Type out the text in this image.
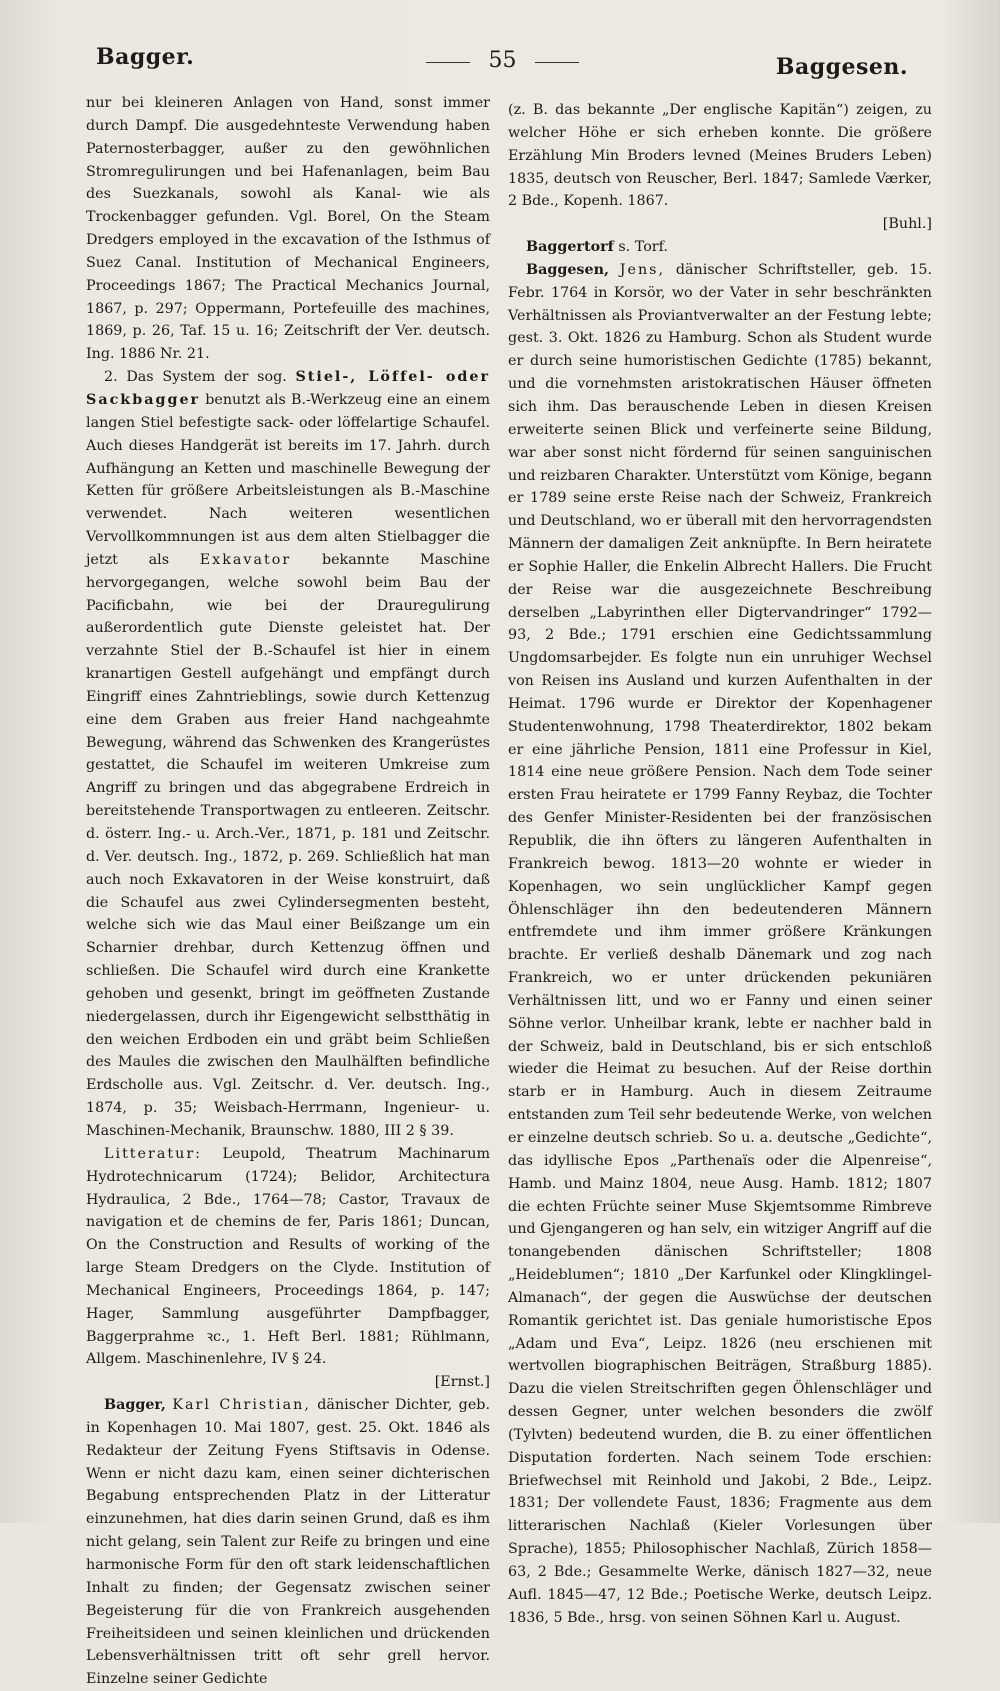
Bagger.	55	Baggesen.

nur bei kleineren Anlagen von Hand, sonst immer durch Dampf. Die ausgedehnteste Verwendung haben Paternosterbagger, außer zu den gewöhnlichen Stromregulirungen und bei Hafenanlagen, beim Bau des Suezkanals, sowohl als Kanal- wie als Trockenbagger gefunden. Vgl. Borel, On the Steam Dredgers employed in the excavation of the Isthmus of Suez Canal. Institution of Mechanical Engineers, Proceedings 1867; The Practical Mechanics Journal, 1867, p. 297; Oppermann, Portefeuille des machines, 1869, p. 26, Taf. 15 u. 16; Zeitschrift der Ver. deutsch. Ing. 1886 Nr. 21.

2. Das System der sog. Stiel-, Löffel- oder Sackbagger benutzt als B.-Werkzeug eine an einem langen Stiel befestigte sack- oder löffelartige Schaufel. Auch dieses Handgerät ist bereits im 17. Jahrh. durch Aufhängung an Ketten und maschinelle Bewegung der Ketten für größere Arbeitsleistungen als B.-Maschine verwendet. Nach weiteren wesentlichen Vervollkommnungen ist aus dem alten Stielbagger die jetzt als Exkavator bekannte Maschine hervorgegangen, welche sowohl beim Bau der Pacificbahn, wie bei der Drauregulirung außerordentlich gute Dienste geleistet hat. Der verzahnte Stiel der B.-Schaufel ist hier in einem kranartigen Gestell aufgehängt und empfängt durch Eingriff eines Zahntrieblings, sowie durch Kettenzug eine dem Graben aus freier Hand nachgeahmte Bewegung, während das Schwenken des Krangerüstes gestattet, die Schaufel im weiteren Umkreise zum Angriff zu bringen und das abgegrabene Erdreich in bereitstehende Transportwagen zu entleeren. Zeitschr. d. österr. Ing.- u. Arch.-Ver., 1871, p. 181 und Zeitschr. d. Ver. deutsch. Ing., 1872, p. 269. Schließlich hat man auch noch Exkavatoren in der Weise konstruirt, daß die Schaufel aus zwei Cylindersegmenten besteht, welche sich wie das Maul einer Beißzange um ein Scharnier drehbar, durch Kettenzug öffnen und schließen. Die Schaufel wird durch eine Krankette gehoben und gesenkt, bringt im geöffneten Zustande niedergelassen, durch ihr Eigengewicht selbstthätig in den weichen Erdboden ein und gräbt beim Schließen des Maules die zwischen den Maulhälften befindliche Erdscholle aus. Vgl. Zeitschr. d. Ver. deutsch. Ing., 1874, p. 35; Weisbach-Herrmann, Ingenieur- u. Maschinen-Mechanik, Braunschw. 1880, III 2 § 39.

Litteratur: Leupold, Theatrum Machinarum Hydrotechnicarum (1724); Belidor, Architectura Hydraulica, 2 Bde., 1764—78; Castor, Travaux de navigation et de chemins de fer, Paris 1861; Duncan, On the Construction and Results of working of the large Steam Dredgers on the Clyde. Institution of Mechanical Engineers, Proceedings 1864, p. 147; Hager, Sammlung ausgeführter Dampfbagger, Baggerprahme ꝛc., 1. Heft Berl. 1881; Rühlmann, Allgem. Maschinenlehre, IV § 24.
[Ernst.]

Bagger, Karl Christian, dänischer Dichter, geb. in Kopenhagen 10. Mai 1807, gest. 25. Okt. 1846 als Redakteur der Zeitung Fyens Stiftsavis in Odense. Wenn er nicht dazu kam, einen seiner dichterischen Begabung entsprechenden Platz in der Litteratur einzunehmen, hat dies darin seinen Grund, daß es ihm nicht gelang, sein Talent zur Reife zu bringen und eine harmonische Form für den oft stark leidenschaftlichen Inhalt zu finden; der Gegensatz zwischen seiner Begeisterung für die von Frankreich ausgehenden Freiheitsideen und seinen kleinlichen und drückenden Lebensverhältnissen tritt oft sehr grell hervor. Einzelne seiner Gedichte

(z. B. das bekannte „Der englische Kapitän“) zeigen, zu welcher Höhe er sich erheben konnte. Die größere Erzählung Min Broders levned (Meines Bruders Leben) 1835, deutsch von Reuscher, Berl. 1847; Samlede Værker, 2 Bde., Kopenh. 1867.
[Buhl.]

Baggertorf s. Torf.

Baggesen, Jens, dänischer Schriftsteller, geb. 15. Febr. 1764 in Korsör, wo der Vater in sehr beschränkten Verhältnissen als Proviantverwalter an der Festung lebte; gest. 3. Okt. 1826 zu Hamburg. Schon als Student wurde er durch seine humoristischen Gedichte (1785) bekannt, und die vornehmsten aristokratischen Häuser öffneten sich ihm. Das berauschende Leben in diesen Kreisen erweiterte seinen Blick und verfeinerte seine Bildung, war aber sonst nicht fördernd für seinen sanguinischen und reizbaren Charakter. Unterstützt vom Könige, begann er 1789 seine erste Reise nach der Schweiz, Frankreich und Deutschland, wo er überall mit den hervorragendsten Männern der damaligen Zeit anknüpfte. In Bern heiratete er Sophie Haller, die Enkelin Albrecht Hallers. Die Frucht der Reise war die ausgezeichnete Beschreibung derselben „Labyrinthen eller Digtervandringer“ 1792—93, 2 Bde.; 1791 erschien eine Gedichtssammlung Ungdomsarbejder. Es folgte nun ein unruhiger Wechsel von Reisen ins Ausland und kurzen Aufenthalten in der Heimat. 1796 wurde er Direktor der Kopenhagener Studentenwohnung, 1798 Theaterdirektor, 1802 bekam er eine jährliche Pension, 1811 eine Professur in Kiel, 1814 eine neue größere Pension. Nach dem Tode seiner ersten Frau heiratete er 1799 Fanny Reybaz, die Tochter des Genfer Minister-Residenten bei der französischen Republik, die ihn öfters zu längeren Aufenthalten in Frankreich bewog. 1813—20 wohnte er wieder in Kopenhagen, wo sein unglücklicher Kampf gegen Öhlenschläger ihn den bedeutenderen Männern entfremdete und ihm immer größere Kränkungen brachte. Er verließ deshalb Dänemark und zog nach Frankreich, wo er unter drückenden pekuniären Verhältnissen litt, und wo er Fanny und einen seiner Söhne verlor. Unheilbar krank, lebte er nachher bald in der Schweiz, bald in Deutschland, bis er sich entschloß wieder die Heimat zu besuchen. Auf der Reise dorthin starb er in Hamburg. Auch in diesem Zeitraume entstanden zum Teil sehr bedeutende Werke, von welchen er einzelne deutsch schrieb. So u. a. deutsche „Gedichte“, das idyllische Epos „Parthenaïs oder die Alpenreise“, Hamb. und Mainz 1804, neue Ausg. Hamb. 1812; 1807 die echten Früchte seiner Muse Skjemtsomme Rimbreve und Gjengangeren og han selv, ein witziger Angriff auf die tonangebenden dänischen Schriftsteller; 1808 „Heideblumen“; 1810 „Der Karfunkel oder Klingklingel-Almanach“, der gegen die Auswüchse der deutschen Romantik gerichtet ist. Das geniale humoristische Epos „Adam und Eva“, Leipz. 1826 (neu erschienen mit wertvollen biographischen Beiträgen, Straßburg 1885). Dazu die vielen Streitschriften gegen Öhlenschläger und dessen Gegner, unter welchen besonders die zwölf (Tylvten) bedeutend wurden, die B. zu einer öffentlichen Disputation forderten. Nach seinem Tode erschien: Briefwechsel mit Reinhold und Jakobi, 2 Bde., Leipz. 1831; Der vollendete Faust, 1836; Fragmente aus dem litterarischen Nachlaß (Kieler Vorlesungen über Sprache), 1855; Philosophischer Nachlaß, Zürich 1858—63, 2 Bde.; Gesammelte Werke, dänisch 1827—32, neue Aufl. 1845—47, 12 Bde.; Poetische Werke, deutsch Leipz. 1836, 5 Bde., hrsg. von seinen Söhnen Karl u. August.
